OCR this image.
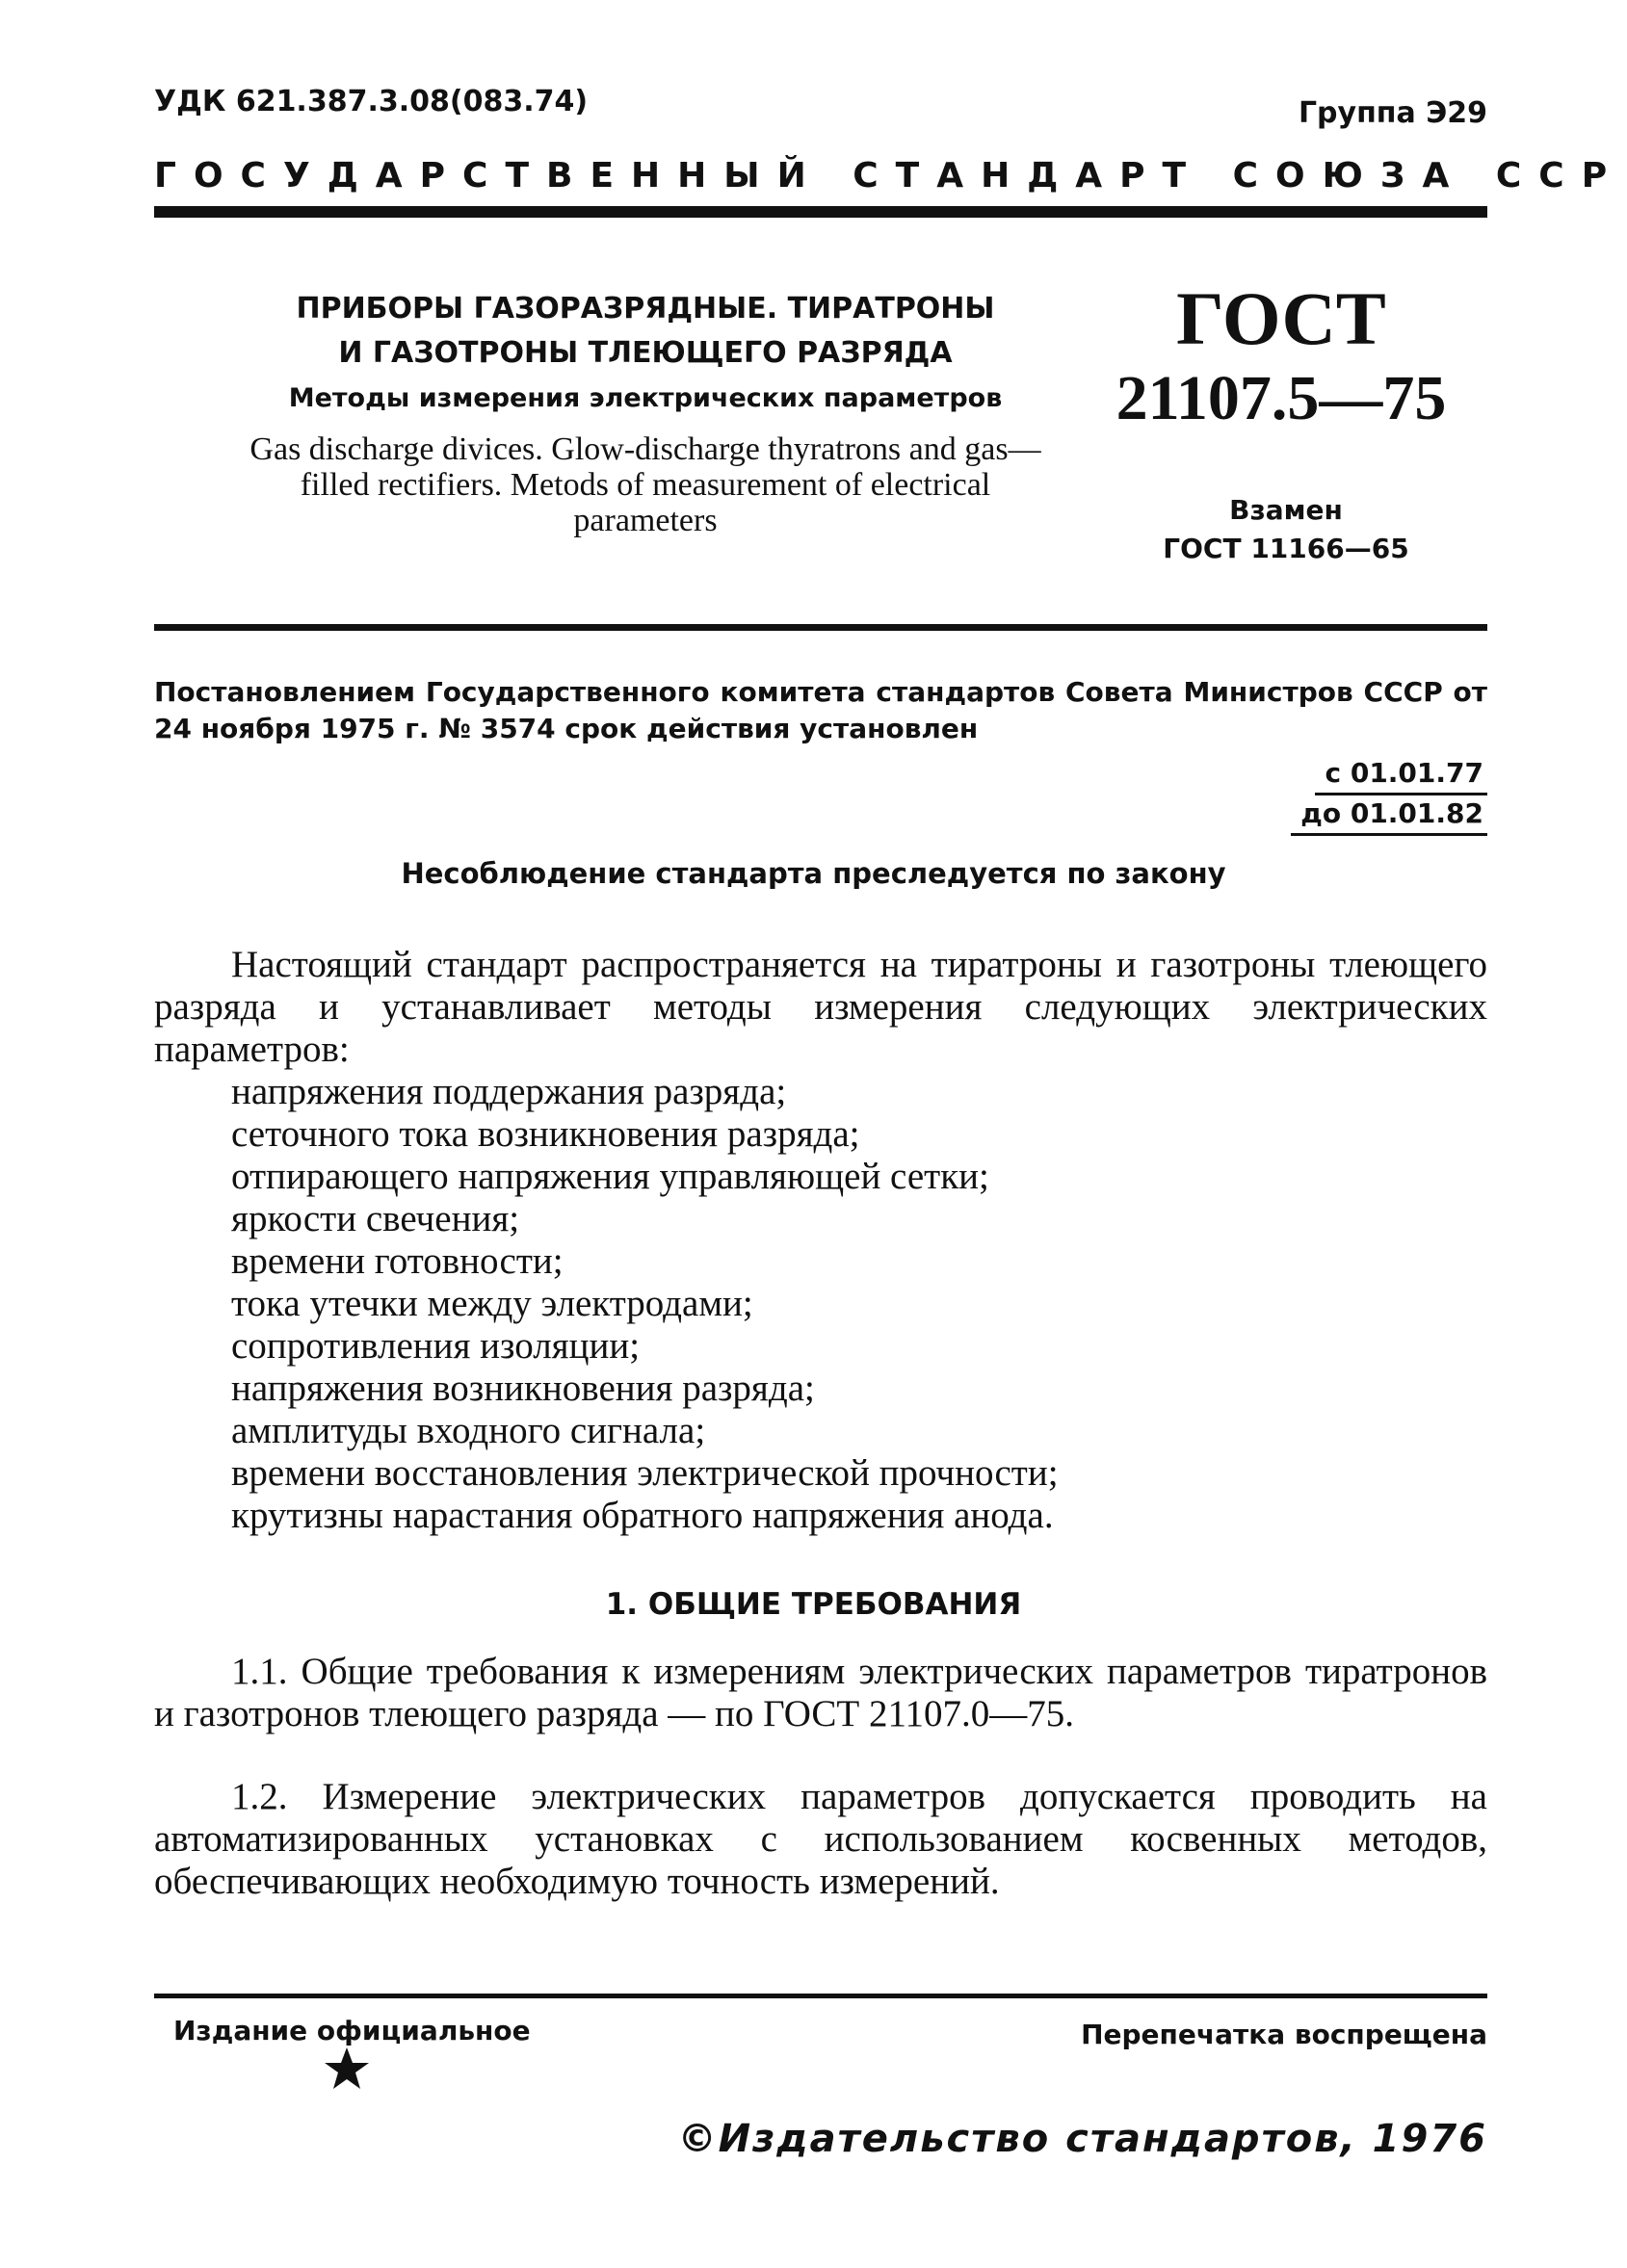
УДК 621.387.3.08(083.74)	Группа Э29
ГОСУДАРСТВЕННЫЙ СТАНДАРТ СОЮЗА ССР
ПРИБОРЫ ГАЗОРАЗРЯДНЫЕ. ТИРАТРОНЫ
И ГАЗОТРОНЫ ТЛЕЮЩЕГО РАЗРЯДА
Методы измерения электрических параметров
Gas discharge divices. Glow-discharge thyratrons and gas—filled rectifiers. Metods of measurement of electrical parameters
ГОСТ
21107.5—75
Взамен
ГОСТ 11166—65
Постановлением Государственного комитета стандартов Совета Министров СССР от 24 ноября 1975 г. № 3574 срок действия установлен
с 01.01.77
до 01.01.82
Несоблюдение стандарта преследуется по закону

Настоящий стандарт распространяется на тиратроны и газотроны тлеющего разряда и устанавливает методы измерения следующих электрических параметров:

напряжения поддержания разряда;
сеточного тока возникновения разряда;
отпирающего напряжения управляющей сетки;
яркости свечения;
времени готовности;
тока утечки между электродами;
сопротивления изоляции;
напряжения возникновения разряда;
амплитуды входного сигнала;
времени восстановления электрической прочности;
крутизны нарастания обратного напряжения анода.
1. ОБЩИЕ ТРЕБОВАНИЯ

1.1. Общие требования к измерениям электрических параметров тиратронов и газотронов тлеющего разряда — по ГОСТ 21107.0—75.

1.2. Измерение электрических параметров допускается проводить на автоматизированных установках с использованием косвенных методов, обеспечивающих необходимую точность измерений.

Издание официальное	Перепечатка воспрещена
©Издательство стандартов, 1976
